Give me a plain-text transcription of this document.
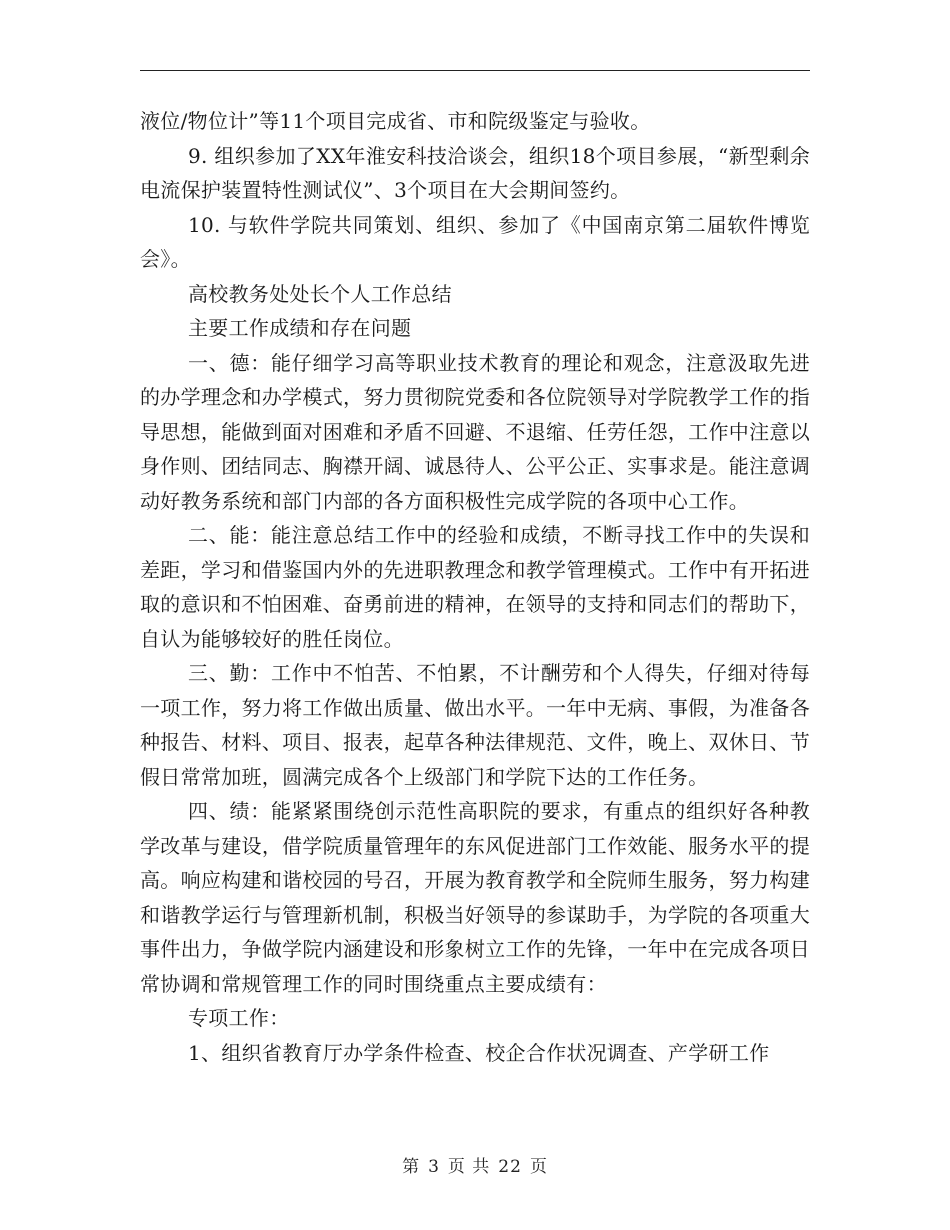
液位/物位计”等11个项目完成省、市和院级鉴定与验收。

9. 组织参加了XX年淮安科技洽谈会，组织18个项目参展，“新型剩余电流保护装置特性测试仪”、3个项目在大会期间签约。

10. 与软件学院共同策划、组织、参加了《中国南京第二届软件博览会》。

高校教务处处长个人工作总结

主要工作成绩和存在问题

一、德：能仔细学习高等职业技术教育的理论和观念，注意汲取先进的办学理念和办学模式，努力贯彻院党委和各位院领导对学院教学工作的指导思想，能做到面对困难和矛盾不回避、不退缩、任劳任怨，工作中注意以身作则、团结同志、胸襟开阔、诚恳待人、公平公正、实事求是。能注意调动好教务系统和部门内部的各方面积极性完成学院的各项中心工作。

二、能：能注意总结工作中的经验和成绩，不断寻找工作中的失误和差距，学习和借鉴国内外的先进职教理念和教学管理模式。工作中有开拓进取的意识和不怕困难、奋勇前进的精神，在领导的支持和同志们的帮助下，自认为能够较好的胜任岗位。

三、勤：工作中不怕苦、不怕累，不计酬劳和个人得失，仔细对待每一项工作，努力将工作做出质量、做出水平。一年中无病、事假，为准备各种报告、材料、项目、报表，起草各种法律规范、文件，晚上、双休日、节假日常常加班，圆满完成各个上级部门和学院下达的工作任务。

四、绩：能紧紧围绕创示范性高职院的要求，有重点的组织好各种教学改革与建设，借学院质量管理年的东风促进部门工作效能、服务水平的提高。响应构建和谐校园的号召，开展为教育教学和全院师生服务，努力构建和谐教学运行与管理新机制，积极当好领导的参谋助手，为学院的各项重大事件出力，争做学院内涵建设和形象树立工作的先锋，一年中在完成各项日常协调和常规管理工作的同时围绕重点主要成绩有：

专项工作：

1、组织省教育厅办学条件检查、校企合作状况调查、产学研工作

第 3 页 共 22 页
